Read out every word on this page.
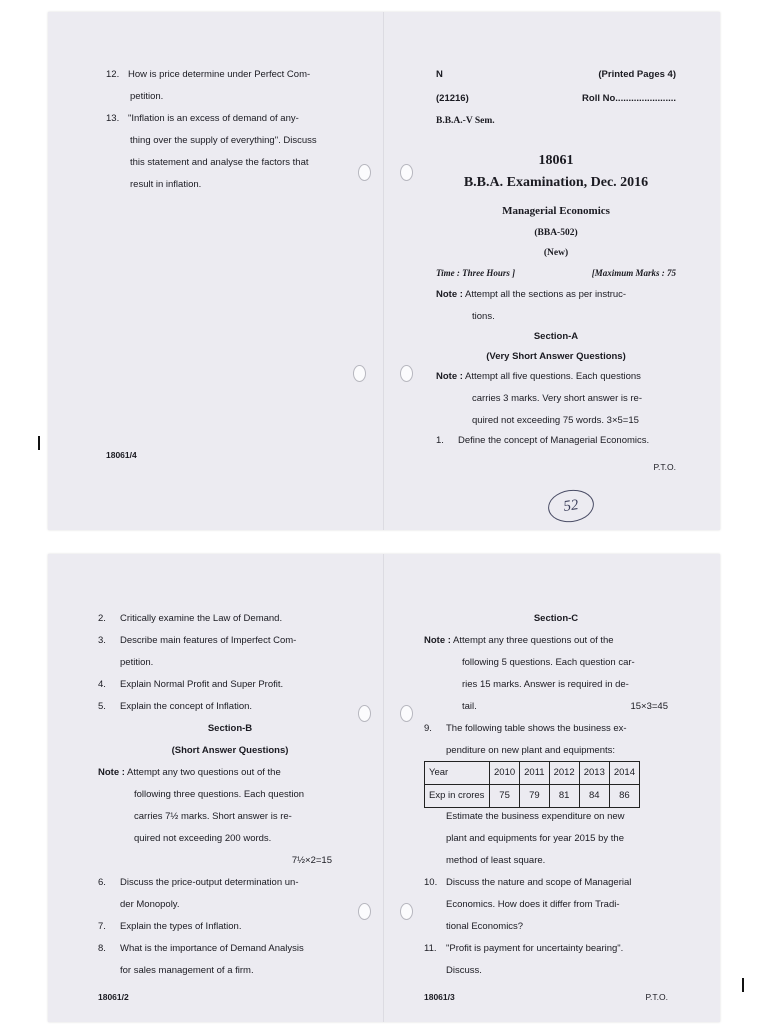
12. How is price determine under Perfect Com-
petition.
13. "Inflation is an excess of demand of any-
thing over the supply of everything". Discuss
this statement and analyse the factors that
result in inflation.
18061/4
N	(Printed Pages 4)
(21216)	Roll No.......................
B.B.A.-V Sem.
18061
B.B.A. Examination, Dec. 2016
Managerial Economics
(BBA-502)
(New)
Time : Three Hours ]	[Maximum Marks : 75
Note : Attempt all the sections as per instruc-
tions.
Section-A
(Very Short Answer Questions)
Note : Attempt all five questions. Each questions
carries 3 marks. Very short answer is re-
quired not exceeding 75 words. 3×5=15
1. Define the concept of Managerial Economics.
P.T.O.
52
2. Critically examine the Law of Demand.
3. Describe main features of Imperfect Com-
petition.
4. Explain Normal Profit and Super Profit.
5. Explain the concept of Inflation.
Section-B
(Short Answer Questions)
Note : Attempt any two questions out of the
following three questions. Each question
carries 7½ marks. Short answer is re-
quired not exceeding 200 words.
7½×2=15
6. Discuss the price-output determination un-
der Monopoly.
7. Explain the types of Inflation.
8. What is the importance of Demand Analysis
for sales management of a firm.
18061/2
Section-C
Note : Attempt any three questions out of the
following 5 questions. Each question car-
ries 15 marks. Answer is required in de-
tail.	15×3=45
9. The following table shows the business ex-
penditure on new plant and equipments:
Year	2010	2011	2012	2013	2014
Exp in crores	75	79	81	84	86
Estimate the business expenditure on new
plant and equipments for year 2015 by the
method of least square.
10. Discuss the nature and scope of Managerial
Economics. How does it differ from Tradi-
tional Economics?
11. "Profit is payment for uncertainty bearing".
Discuss.
18061/3	P.T.O.
